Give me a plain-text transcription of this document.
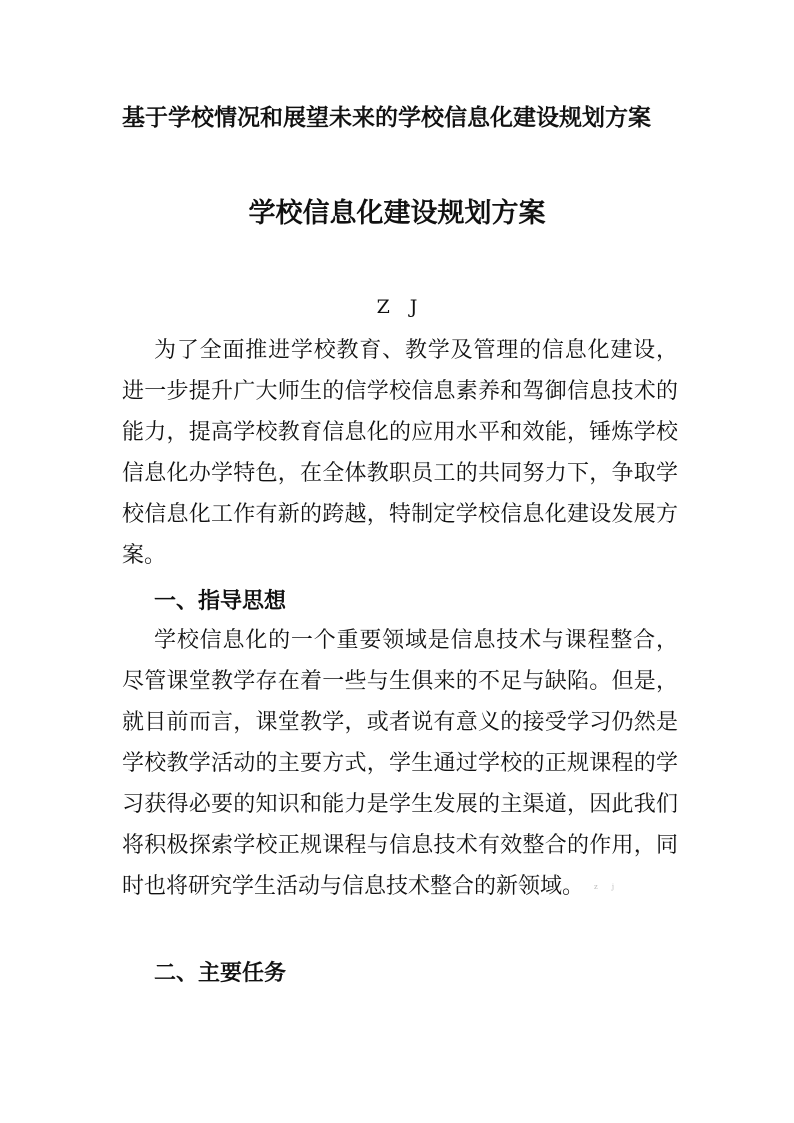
基于学校情况和展望未来的学校信息化建设规划方案
学校信息化建设规划方案
Z J

为了全面推进学校教育、教学及管理的信息化建设，进一步提升广大师生的信学校信息素养和驾御信息技术的能力，提高学校教育信息化的应用水平和效能，锤炼学校信息化办学特色，在全体教职员工的共同努力下，争取学校信息化工作有新的跨越，特制定学校信息化建设发展方案。

一、指导思想

学校信息化的一个重要领域是信息技术与课程整合，尽管课堂教学存在着一些与生俱来的不足与缺陷。但是，就目前而言，课堂教学，或者说有意义的接受学习仍然是学校教学活动的主要方式，学生通过学校的正规课程的学习获得必要的知识和能力是学生发展的主渠道，因此我们将积极探索学校正规课程与信息技术有效整合的作用，同时也将研究学生活动与信息技术整合的新领域。 z j

二、主要任务
